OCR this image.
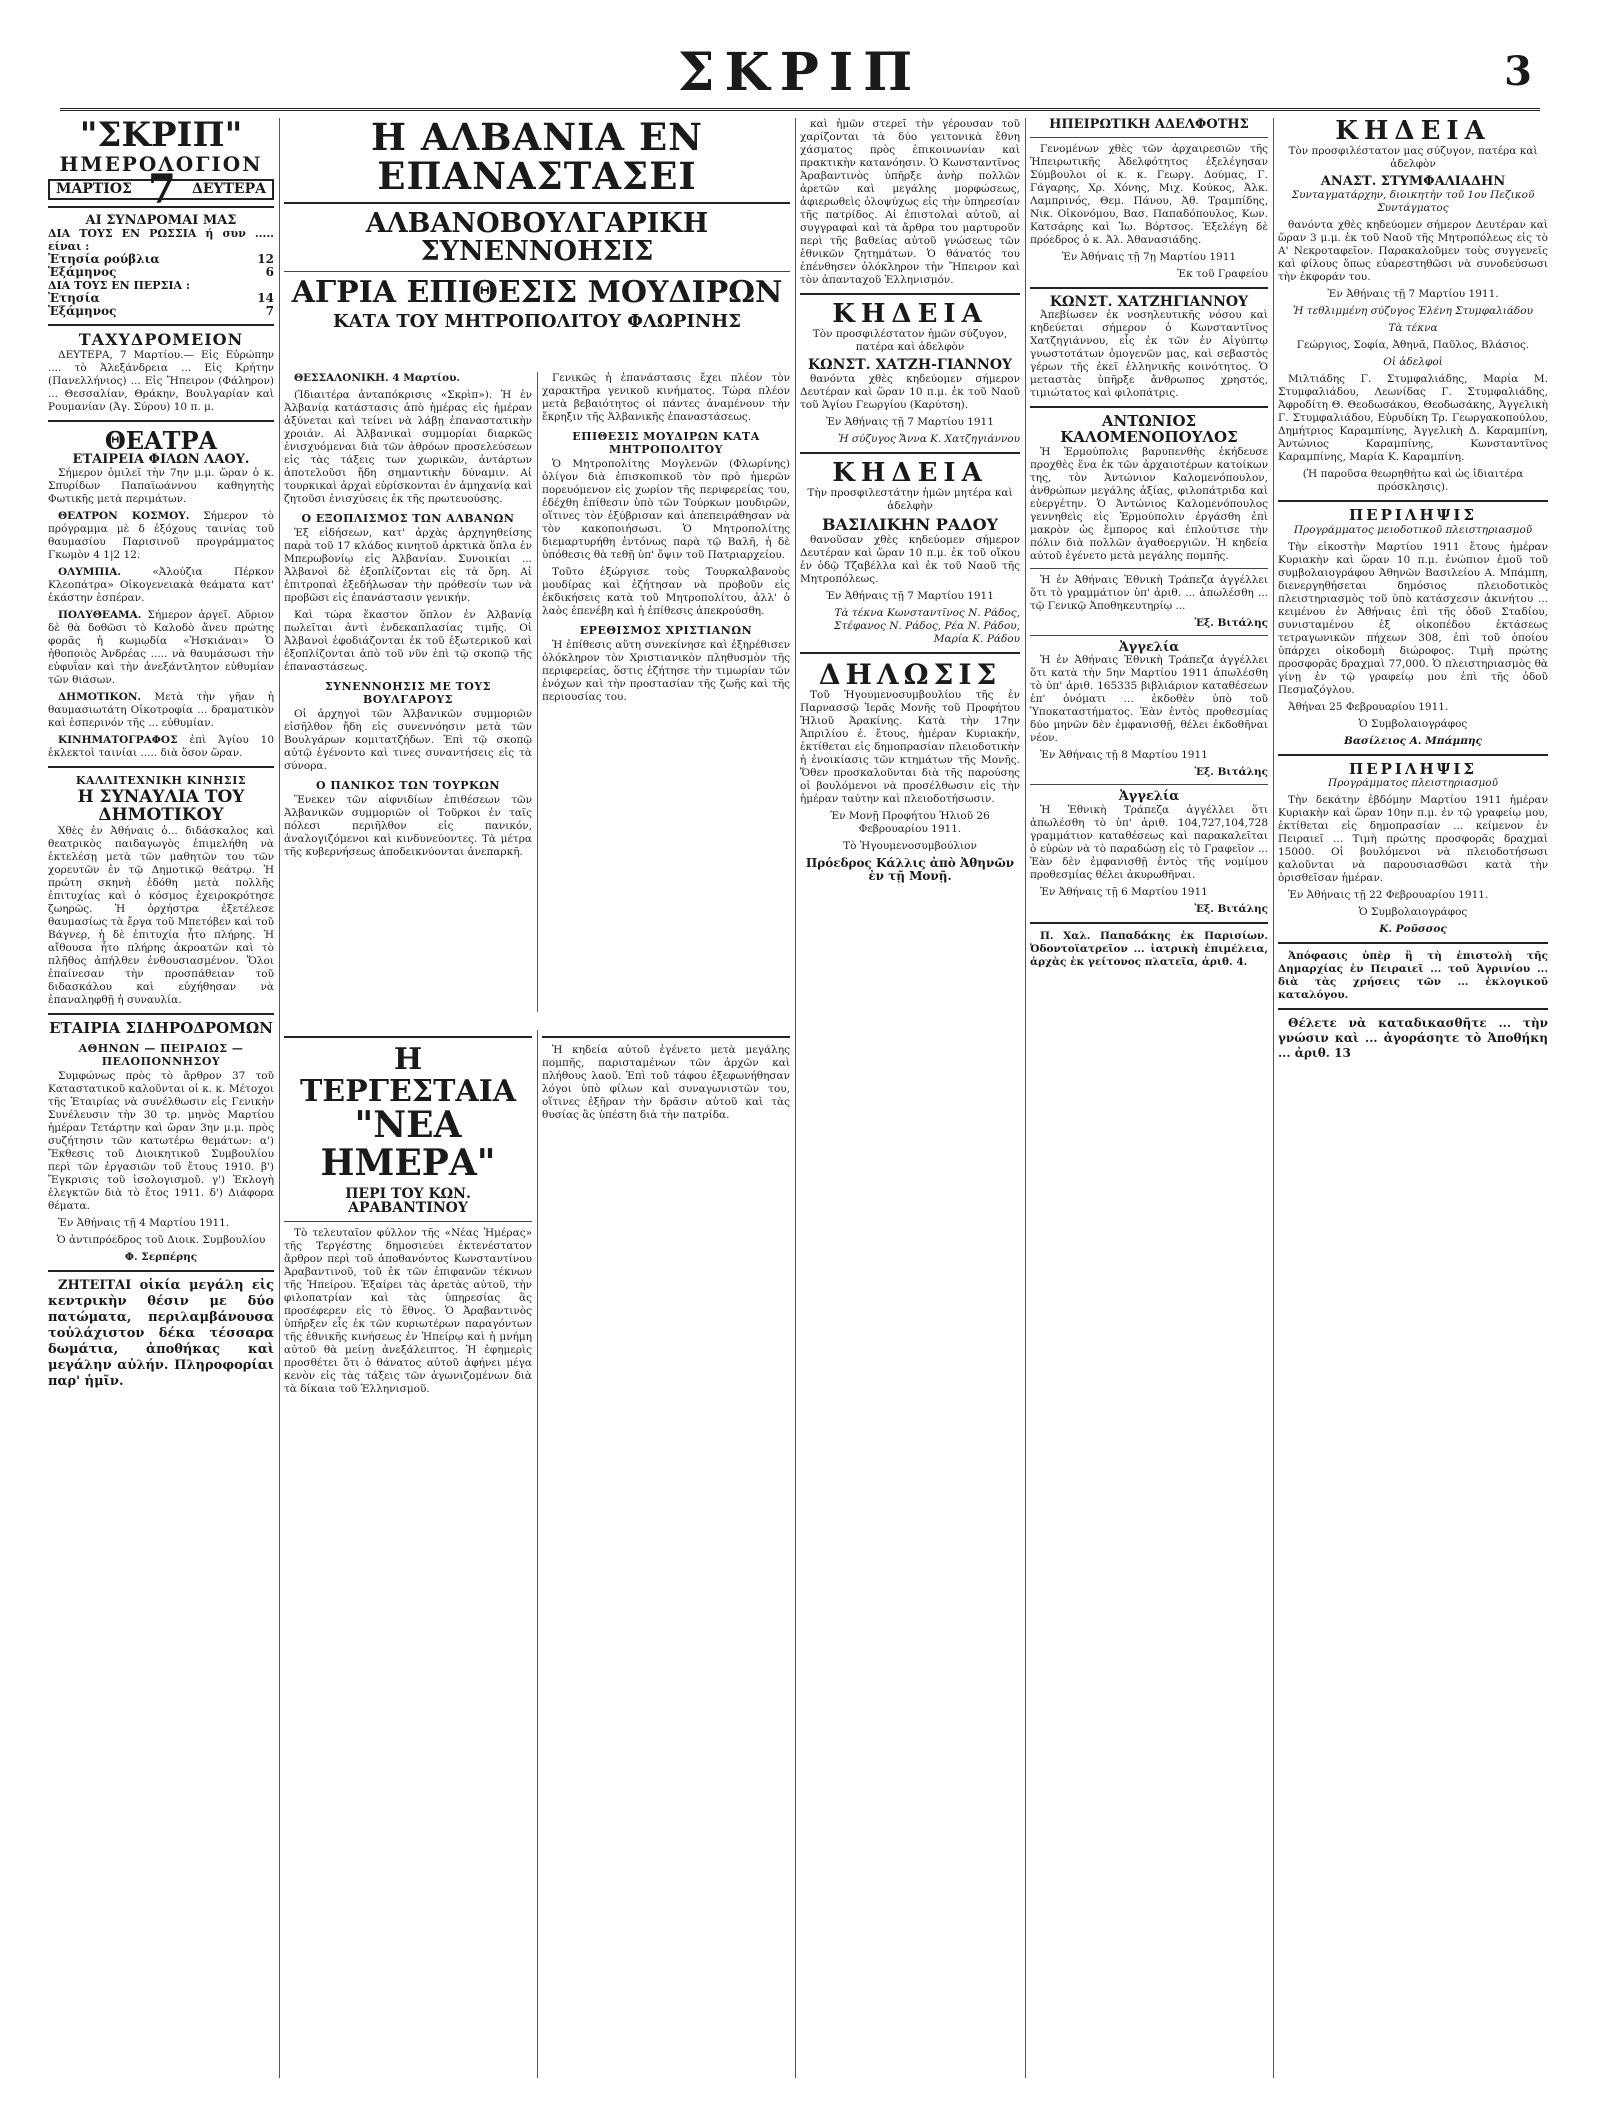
ΣΚΡΙΠ	3
"ΣΚΡΙΠ"
ΗΜΕΡΟΛΟΓΙΟΝ
ΜΑΡΤΙΟΣ 7 ΔΕΥΤΕΡΑ
ΑΙ ΣΥΝΔΡΟΜΑΙ ΜΑΣ
ΔΙΑ ΤΟΥΣ ΕΝ ΡΩΣΣΙΑ ή συν ..... είναι :
Ἐτησία ρούβλια	12
Ἑξάμηνος	6
ΔΙΑ ΤΟΥΣ ΕΝ ΠΕΡΣΙΑ :
Ἐτησία	14
Ἑξάμηνος	7
ΤΑΧΥΔΡΟΜΕΙΟΝ

ΔΕΥΤΕΡΑ, 7 Μαρτίου.— Εἰς Εὐρώπην .... τὸ Ἀλεξάνδρεια ... Εἰς Κρήτην (Πανελλήνιος) ... Εἰς Ἤπειρον (Φάληρον) ... Θεσσαλίαν, Θράκην, Βουλγαρίαν καὶ Ρουμανίαν (Ἀγ. Σύρου) 10 π. μ.

ΘΕΑΤΡΑ
ΕΤΑΙΡΕΙΑ ΦΙΛΩΝ ΛΑΟΥ.

Σήμερον ὁμιλεῖ τὴν 7ην μ.μ. ὥραν ὁ κ. Σπυρίδων Παπαϊωάννου καθηγητὴς Φωτικῆς μετὰ περιμάτων.

ΘΕΑΤΡΟΝ ΚΟΣΜΟΥ. Σήμερον τὸ πρόγραμμα μὲ δ ἐξόχους ταινίας τοῦ θαυμασίου Παρισινοῦ προγράμματος Γκωμὸν 4 1|2 12.

ΟΛΥΜΠΙΑ.	«Ἀλούζια Πέρκον Κλεοπάτρα» Οἰκογενειακὰ θεάματα κατ' ἐκάστην ἑσπέραν.

ΠΟΛΥΘΕΑΜΑ. Σήμερον ἀργεῖ. Αὔριον δὲ θὰ δοθῶσι τὸ Καλοδὸ ἄνευ πρώτης φορᾶς ἡ κωμῳδία «Ἠσκιάναι» Ὁ ἠθοποιὸς Ἀνδρέας ..... νὰ θαυμάσωσι τὴν εὐφυΐαν καὶ τὴν ἀνεξάντλητον εὐθυμίαν τῶν θιάσων.

ΔΗΜΟΤΙΚΟΝ. Μετὰ τὴν γῆαν ἡ θαυμασιωτάτη Οἰκοτροφία ... δραματικὸν καὶ ἑσπερινόν τῆς ... εὐθυμίαν.

ΚΙΝΗΜΑΤΟΓΡΑΦΟΣ ἐπὶ Ἀγίου 10 ἐκλεκτοὶ ταινίαι ..... διὰ ὅσον ὥραν.

ΚΑΛΛΙΤΕΧΝΙΚΗ ΚΙΝΗΣΙΣ
Η ΣΥΝΑΥΛΙΑ ΤΟΥ ΔΗΜΟΤΙΚΟΥ

Χθὲς ἐν Ἀθήναις ὁ... διδάσκαλος καὶ θεατρικὸς παιδαγωγὸς ἐπιμελήθη νὰ ἐκτελέσῃ μετὰ τῶν μαθητῶν του τῶν χορευτῶν ἐν τῷ Δημοτικῷ θεάτρῳ. Ἡ πρώτη σκηνὴ ἐδόθη μετὰ πολλῆς ἐπιτυχίας καὶ ὁ κόσμος ἐχειροκρότησε ζωηρῶς. Ἡ ὀρχήστρα ἐξετέλεσε θαυμασίως τὰ ἔργα τοῦ Μπετόβεν καὶ τοῦ Βάγνερ, ἡ δὲ ἐπιτυχία ἦτο πλήρης. Ἡ αἴθουσα ἦτο πλήρης ἀκροατῶν καὶ τὸ πλῆθος ἀπήλθεν ἐνθουσιασμένον. Ὅλοι ἐπαίνεσαν τὴν προσπάθειαν τοῦ διδασκάλου καὶ εὐχήθησαν νὰ ἐπαναληφθῇ ἡ συναυλία.

ΕΤΑΙΡΙΑ ΣΙΔΗΡΟΔΡΟΜΩΝ
ΑΘΗΝΩΝ — ΠΕΙΡΑΙΩΣ — ΠΕΛΟΠΟΝΝΗΣΟΥ

Συμφώνως πρὸς τὸ ἄρθρον 37 τοῦ Καταστατικοῦ καλοῦνται οἱ κ. κ. Μέτοχοι τῆς Ἑταιρίας νὰ συνέλθωσιν εἰς Γενικὴν Συνέλευσιν τὴν 30 τρ. μηνὸς Μαρτίου ἡμέραν Τετάρτην καὶ ὥραν 3ην μ.μ. πρὸς συζήτησιν τῶν κατωτέρω θεμάτων: α') Ἔκθεσις τοῦ Διοικητικοῦ Συμβουλίου περὶ τῶν ἐργασιῶν τοῦ ἔτους 1910. β') Ἔγκρισις τοῦ ἰσολογισμοῦ. γ') Ἐκλογὴ ἐλεγκτῶν διὰ τὸ ἔτος 1911. δ') Διάφορα θέματα.

Ἐν Ἀθήναις τῇ 4 Μαρτίου 1911.

Ὁ ἀντιπρόεδρος τοῦ Διοικ. Συμβουλίου

Φ. Σερπέρης

ΖΗΤΕΙΤΑΙ οἰκία μεγάλη εἰς κεντρικὴν θέσιν με δύο πατώματα, περιλαμβάνουσα τοὐλάχιστον δέκα τέσσαρα δωμάτια, ἀποθήκας καὶ μεγάλην αὐλήν. Πληροφορίαι παρ' ἡμῖν.

Η ΑΛΒΑΝΙΑ ΕΝ ΕΠΑΝΑΣΤΑΣΕΙ
ΑΛΒΑΝΟΒΟΥΛΓΑΡΙΚΗ ΣΥΝΕΝΝΟΗΣΙΣ
ΑΓΡΙΑ ΕΠΙΘΕΣΙΣ ΜΟΥΔΙΡΩΝ
ΚΑΤΑ ΤΟΥ ΜΗΤΡΟΠΟΛΙΤΟΥ ΦΛΩΡΙΝΗΣ

ΘΕΣΣΑΛΟΝΙΚΗ. 4 Μαρτίου.

(Ἰδιαιτέρα ἀνταπόκρισις «Σκρὶπ»). Ἡ ἐν Ἀλβανίᾳ κατάστασις ἀπὸ ἡμέρας εἰς ἡμέραν ἀξύνεται καὶ τείνει νὰ λάβῃ ἐπαναστατικὴν χροιάν. Αἱ Ἀλβανικαὶ συμμορίαι διαρκῶς ἐνισχυόμεναι διὰ τῶν ἀθρόων προσελεύσεων εἰς τὰς τάξεις των χωρικῶν, ἀντάρτων ἀποτελοῦσι ἤδη σημαντικὴν δύναμιν. Αἱ τουρκικαὶ ἀρχαὶ εὑρίσκονται ἐν ἀμηχανίᾳ καὶ ζητοῦσι ἐνισχύσεις ἐκ τῆς πρωτευούσης.

Ο ΕΞΟΠΛΙΣΜΟΣ ΤΩΝ ΑΛΒΑΝΩΝ

Ἐξ εἰδήσεων, κατ' ἀρχὰς ἀρχηγηθείσης παρὰ τοῦ 17 κλάδος κινητοῦ ἀρκτικὰ ὅπλα ἐν Μπερωβονίῳ εἰς Ἀλβανίαν. Συνοικίαι ... Ἀλβανοὶ δὲ ἐξοπλίζονται εἰς τὰ ὄρη. Αἱ ἐπιτροπαὶ ἐξεδήλωσαν τὴν πρόθεσίν των νὰ προβῶσι εἰς ἐπανάστασιν γενικήν.

Καὶ τώρα ἕκαστον ὅπλον ἐν Ἀλβανίᾳ πωλεῖται ἀντὶ ἐνδεκαπλασίας τιμῆς. Οἱ Ἀλβανοὶ ἐφοδιάζονται ἐκ τοῦ ἐξωτερικοῦ καὶ ἐξοπλίζονται ἀπὸ τοῦ νῦν ἐπὶ τῷ σκοπῷ τῆς ἐπαναστάσεως.

ΣΥΝΕΝΝΟΗΣΙΣ ΜΕ ΤΟΥΣ ΒΟΥΛΓΑΡΟΥΣ

Οἱ ἀρχηγοὶ τῶν Ἀλβανικῶν συμμοριῶν εἰσῆλθον ἤδη εἰς συνεννόησιν μετὰ τῶν Βουλγάρων κομιτατζήδων. Ἐπὶ τῷ σκοπῷ αὐτῷ ἐγένοντο καὶ τινες συναντήσεις εἰς τὰ σύνορα.

Ο ΠΑΝΙΚΟΣ ΤΩΝ ΤΟΥΡΚΩΝ

Ἕνεκεν τῶν αἰφνιδίων ἐπιθέσεων τῶν Ἀλβανικῶν συμμοριῶν οἱ Τοῦρκοι ἐν ταῖς πόλεσι περιῆλθον εἰς πανικόν, ἀναλογιζόμενοι καὶ κινδυνεύοντες. Τὰ μέτρα τῆς κυβερνήσεως ἀποδεικνύονται ἀνεπαρκῆ.

Γενικῶς ἡ ἐπανάστασις ἔχει πλέον τὸν χαρακτῆρα γενικοῦ κινήματος. Τώρα πλέον μετὰ βεβαιότητος οἱ πάντες ἀναμένουν τὴν ἔκρηξιν τῆς Ἀλβανικῆς ἐπαναστάσεως.

ΕΠΙΘΕΣΙΣ ΜΟΥΔΙΡΩΝ ΚΑΤΑ ΜΗΤΡΟΠΟΛΙΤΟΥ

Ὁ Μητροπολίτης Μογλενῶν (Φλωρίνης) ὀλίγον διὰ ἐπισκοπικοῦ τὸν πρὸ ἡμερῶν πορευόμενον εἰς χωρίον τῆς περιφερείας του, ἐδέχθη ἐπίθεσιν ὑπὸ τῶν Τούρκων μουδιρῶν, οἵτινες τὸν ἐξύβρισαν καὶ ἀπεπειράθησαν νὰ τὸν κακοποιήσωσι. Ὁ Μητροπολίτης διεμαρτυρήθη ἐντόνως παρὰ τῷ Βαλῆ, ἡ δὲ ὑπόθεσις θὰ τεθῇ ὑπ' ὄψιν τοῦ Πατριαρχείου.

Τοῦτο ἐξώργισε τοὺς Τουρκαλβανοὺς μουδίρας καὶ ἐζήτησαν νὰ προβοῦν εἰς ἐκδικήσεις κατὰ τοῦ Μητροπολίτου, ἀλλ' ὁ λαὸς ἐπενέβη καὶ ἡ ἐπίθεσις ἀπεκρούσθη.

ΕΡΕΘΙΣΜΟΣ ΧΡΙΣΤΙΑΝΩΝ

Ἡ ἐπίθεσις αὕτη συνεκίνησε καὶ ἐξηρέθισεν ὁλόκληρον τὸν Χριστιανικὸν πληθυσμὸν τῆς περιφερείας, ὅστις ἐζήτησε τὴν τιμωρίαν τῶν ἐνόχων καὶ τὴν προστασίαν τῆς ζωῆς καὶ τῆς περιουσίας του.

Η ΤΕΡΓΕΣΤΑΙΑ
"ΝΕΑ ΗΜΕΡΑ"
ΠΕΡΙ ΤΟΥ ΚΩΝ. ΑΡΑΒΑΝΤΙΝΟΥ

Τὸ τελευταῖον φύλλον τῆς «Νέας Ἡμέρας» τῆς Τεργέστης δημοσιεύει ἐκτενέστατον ἄρθρον περὶ τοῦ ἀποθανόντος Κωνσταντίνου Ἀραβαντινοῦ, τοῦ ἐκ τῶν ἐπιφανῶν τέκνων τῆς Ἠπείρου. Ἐξαίρει τὰς ἀρετὰς αὐτοῦ, τὴν φιλοπατρίαν καὶ τὰς ὑπηρεσίας ἃς προσέφερεν εἰς τὸ ἔθνος. Ὁ Ἀραβαντινὸς ὑπῆρξεν εἷς ἐκ τῶν κυριωτέρων παραγόντων τῆς ἐθνικῆς κινήσεως ἐν Ἠπείρῳ καὶ ἡ μνήμη αὐτοῦ θὰ μείνῃ ἀνεξάλειπτος. Ἡ ἐφημερὶς προσθέτει ὅτι ὁ θάνατος αὐτοῦ ἀφήνει μέγα κενὸν εἰς τὰς τάξεις τῶν ἀγωνιζομένων διὰ τὰ δίκαια τοῦ Ἑλληνισμοῦ.

Ἡ κηδεία αὐτοῦ ἐγένετο μετὰ μεγάλης πομπῆς, παρισταμένων τῶν ἀρχῶν καὶ πλήθους λαοῦ. Ἐπὶ τοῦ τάφου ἐξεφωνήθησαν λόγοι ὑπὸ φίλων καὶ συναγωνιστῶν του, οἵτινες ἐξῆραν τὴν δρᾶσιν αὐτοῦ καὶ τὰς θυσίας ἃς ὑπέστη διὰ τὴν πατρίδα.

καὶ ἡμῶν στερεῖ τὴν γέρουσαν τοῦ χαρίζονται τὰ δύο γειτονικὰ ἔθνη χάσματος πρὸς ἐπικοινωνίαν καὶ πρακτικὴν κατανόησιν. Ὁ Κωνσταντῖνος Ἀραβαντινὸς ὑπῆρξε ἀνὴρ πολλῶν ἀρετῶν καὶ μεγάλης μορφώσεως, ἀφιερωθεὶς ὁλοψύχως εἰς τὴν ὑπηρεσίαν τῆς πατρίδος. Αἱ ἐπιστολαὶ αὐτοῦ, αἱ συγγραφαὶ καὶ τὰ ἄρθρα του μαρτυροῦν περὶ τῆς βαθείας αὐτοῦ γνώσεως τῶν ἐθνικῶν ζητημάτων. Ὁ θάνατός του ἐπένθησεν ὁλόκληρον τὴν Ἤπειρον καὶ τὸν ἀπανταχοῦ Ἑλληνισμόν.

ΚΗΔΕΙΑ

Τὸν προσφιλέστατον ἡμῶν σύζυγον, πατέρα καὶ ἀδελφὸν

ΚΩΝΣΤ. ΧΑΤΖΗ-ΓΙΑΝΝΟΥ

θανόντα χθὲς κηδεύομεν σήμερον Δευτέραν καὶ ὥραν 10 π.μ. ἐκ τοῦ Ναοῦ τοῦ Ἁγίου Γεωργίου (Καρύτση).

Ἐν Ἀθήναις τῇ 7 Μαρτίου 1911

Ἡ σύζυγος Ἄννα Κ. Χατζηγιάννου

ΚΗΔΕΙΑ

Τὴν προσφιλεστάτην ἡμῶν μητέρα καὶ ἀδελφὴν

ΒΑΣΙΛΙΚΗΝ ΡΑΔΟΥ

θανοῦσαν χθὲς κηδεύομεν σήμερον Δευτέραν καὶ ὥραν 10 π.μ. ἐκ τοῦ οἴκου ἐν ὁδῷ Τζαβέλλα καὶ ἐκ τοῦ Ναοῦ τῆς Μητροπόλεως.

Ἐν Ἀθήναις τῇ 7 Μαρτίου 1911

Τὰ τέκνα Κωνσταντῖνος Ν. Ράδος, Στέφανος Ν. Ράδος, Ρέα Ν. Ράδου, Μαρία Κ. Ράδου

ΔΗΛΩΣΙΣ

Τοῦ Ἡγουμενοσυμβουλίου τῆς ἐν Παρνασσῷ Ἱερᾶς Μονῆς τοῦ Προφήτου Ἠλιοῦ Ἀρακίνης. Κατὰ τὴν 17ην Ἀπριλίου ἐ. ἔτους, ἡμέραν Κυριακήν, ἐκτίθεται εἰς δημοπρασίαν πλειοδοτικὴν ἡ ἐνοικίασις τῶν κτημάτων τῆς Μονῆς. Ὅθεν προσκαλοῦνται διὰ τῆς παρούσης οἱ βουλόμενοι νὰ προσέλθωσιν εἰς τὴν ἡμέραν ταύτην καὶ πλειοδοτήσωσιν.

Ἐν Μονῇ Προφήτου Ἠλιοῦ 26 Φεβρουαρίου 1911.

Τὸ Ἡγουμενοσυμβούλιον

Πρόεδρος Κάλλις ἀπὸ Ἀθηνῶν ἐν τῇ Μονῇ.

ΗΠΕΙΡΩΤΙΚΗ ΑΔΕΛΦΟΤΗΣ

Γενομένων χθὲς τῶν ἀρχαιρεσιῶν τῆς Ἠπειρωτικῆς Ἀδελφότητος ἐξελέγησαν Σύμβουλοι οἱ κ. κ. Γεωργ. Δούμας, Γ. Γάγαρης, Χρ. Χόνης, Μιχ. Κούκος, Ἀλκ. Λαμπρινός, Θεμ. Πάνου, Ἀθ. Τραμπίδης, Νικ. Οἰκονόμου, Βασ. Παπαδόπουλος, Κων. Κατσάρης καὶ Ἰω. Βόρτσος. Ἐξελέγη δὲ πρόεδρος ὁ κ. Ἀλ. Ἀθανασιάδης.

Ἐν Ἀθήναις τῇ 7ῃ Μαρτίου 1911

Ἐκ τοῦ Γραφείου

ΚΩΝΣΤ. ΧΑΤΖΗΓΙΑΝΝΟΥ

Ἀπεβίωσεν ἐκ νοσηλευτικῆς νόσου καὶ κηδεύεται σήμερον ὁ Κωνσταντῖνος Χατζηγιάννου, εἷς ἐκ τῶν ἐν Αἰγύπτῳ γνωστοτάτων ὁμογενῶν μας, καὶ σεβαστὸς γέρων τῆς ἐκεῖ ἑλληνικῆς κοινότητος. Ὁ μεταστὰς ὑπῆρξε ἄνθρωπος χρηστός, τιμιώτατος καὶ φιλοπάτρις.

ΑΝΤΩΝΙΟΣ ΚΑΛΟΜΕΝΟΠΟΥΛΟΣ

Ἡ Ἑρμούπολις βαρυπενθὴς ἐκήδευσε προχθὲς ἕνα ἐκ τῶν ἀρχαιοτέρων κατοίκων της, τὸν Ἀντώνιον Καλομενόπουλον, ἀνθρώπων μεγάλης ἀξίας, φιλοπάτριδα καὶ εὐεργέτην. Ὁ Ἀντώνιος Καλομενόπουλος γεννηθεὶς εἰς Ἑρμούπολιν ἐργάσθη ἐπὶ μακρὸν ὡς ἔμπορος καὶ ἐπλούτισε τὴν πόλιν διὰ πολλῶν ἀγαθοεργιῶν. Ἡ κηδεία αὐτοῦ ἐγένετο μετὰ μεγάλης πομπῆς.

Ἡ ἐν Ἀθήναις Ἐθνικὴ Τράπεζα ἀγγέλλει ὅτι τὸ γραμμάτιον ὑπ' ἀριθ. ... ἀπωλέσθη ... τῷ Γενικῷ Ἀποθηκευτηρίῳ ...

Ἐξ. Βιτάλης

Ἀγγελία

Ἡ ἐν Ἀθήναις Ἐθνικὴ Τράπεζα ἀγγέλλει ὅτι κατὰ τὴν 5ην Μαρτίου 1911 ἀπωλέσθη τὸ ὑπ' ἀριθ. 165335 βιβλιάριον καταθέσεων ἐπ' ὀνόματι ... ἐκδοθὲν ὑπὸ τοῦ Ὑποκαταστήματος. Ἐὰν ἐντὸς προθεσμίας δύο μηνῶν δὲν ἐμφανισθῇ, θέλει ἐκδοθῆναι νέον.

Ἐν Ἀθήναις τῇ 8 Μαρτίου 1911

Ἐξ. Βιτάλης

Ἀγγελία

Ἡ Ἐθνικὴ Τράπεζα ἀγγέλλει ὅτι ἀπωλέσθη τὸ ὑπ' ἀριθ. 104,727,104,728 γραμμάτιον καταθέσεως καὶ παρακαλεῖται ὁ εὑρὼν νὰ τὸ παραδώσῃ εἰς τὸ Γραφεῖον ... Ἐὰν δὲν ἐμφανισθῇ ἐντὸς τῆς νομίμου προθεσμίας θέλει ἀκυρωθῆναι.

Ἐν Ἀθήναις τῇ 6 Μαρτίου 1911

Ἐξ. Βιτάλης

Π. Χαλ. Παπαδάκης ἐκ Παρισίων. Ὀδοντοϊατρεῖον ... ἰατρικὴ ἐπιμέλεια, ἀρχὰς ἐκ γείτονος πλατεῖα, ἀριθ. 4.

ΚΗΔΕΙΑ

Τὸν προσφιλέστατον μας σύζυγον, πατέρα καὶ ἀδελφὸν

ΑΝΑΣΤ. ΣΤΥΜΦΑΛΙΑΔΗΝ

Συνταγματάρχην, διοικητὴν τοῦ 1ου Πεζικοῦ Συντάγματος

θανόντα χθὲς κηδεύομεν σήμερον Δευτέραν καὶ ὥραν 3 μ.μ. ἐκ τοῦ Ναοῦ τῆς Μητροπόλεως εἰς τὸ Α' Νεκροταφεῖον. Παρακαλοῦμεν τοὺς συγγενεῖς καὶ φίλους ὅπως εὐαρεστηθῶσι νὰ συνοδεύσωσι τὴν ἐκφοράν του.

Ἐν Ἀθήναις τῇ 7 Μαρτίου 1911.

Ἡ τεθλιμμένη σύζυγος Ἑλένη Στυμφαλιάδου

Τὰ τέκνα

Γεώργιος, Σοφία, Ἀθηνᾶ, Παῦλος, Βλάσιος.

Οἱ ἀδελφοὶ

Μιλτιάδης Γ. Στυμφαλιάδης, Μαρία Μ. Στυμφαλιάδου, Λεωνίδας Γ. Στυμφαλιάδης, Ἀφροδίτη Θ. Θεοδωσάκου, Θεοδωσάκης, Ἀγγελικὴ Γ. Στυμφαλιάδου, Εὐρυδίκη Τρ. Γεωργακοπούλου, Δημήτριος Καραμπίνης, Ἀγγελικὴ Δ. Καραμπίνη, Ἀντώνιος Καραμπίνης, Κωνσταντῖνος Καραμπίνης, Μαρία Κ. Καραμπίνη.

(Ἡ παροῦσα θεωρηθήτω καὶ ὡς ἰδιαιτέρα πρόσκλησις).

ΠΕΡΙΛΗΨΙΣ

Προγράμματος μειοδοτικοῦ πλειστηριασμοῦ

Τὴν εἰκοστὴν Μαρτίου 1911 ἔτους ἡμέραν Κυριακὴν καὶ ὥραν 10 π.μ. ἐνώπιον ἐμοῦ τοῦ συμβολαιογράφου Ἀθηνῶν Βασιλείου Α. Μπάμπη, διενεργηθήσεται δημόσιος πλειοδοτικὸς πλειστηριασμὸς τοῦ ὑπὸ κατάσχεσιν ἀκινήτου ... κειμένου ἐν Ἀθήναις ἐπὶ τῆς ὁδοῦ Σταδίου, συνισταμένου ἐξ οἰκοπέδου ἐκτάσεως τετραγωνικῶν πήχεων 308, ἐπὶ τοῦ ὁποίου ὑπάρχει οἰκοδομὴ διώροφος. Τιμὴ πρώτης προσφορᾶς δραχμαὶ 77,000. Ὁ πλειστηριασμὸς θὰ γίνῃ ἐν τῷ γραφείῳ μου ἐπὶ τῆς ὁδοῦ Πεσμαζόγλου.

Ἀθήναι 25 Φεβρουαρίου 1911.

Ὁ Συμβολαιογράφος

Βασίλειος Α. Μπάμπης

ΠΕΡΙΛΗΨΙΣ

Προγράμματος πλειστηριασμοῦ

Τὴν δεκάτην ἐβδόμην Μαρτίου 1911 ἡμέραν Κυριακὴν καὶ ὥραν 10ην π.μ. ἐν τῷ γραφείῳ μου, ἐκτίθεται εἰς δημοπρασίαν ... κείμενον ἐν Πειραιεῖ ... Τιμὴ πρώτης προσφορᾶς δραχμαὶ 15000. Οἱ βουλόμενοι νὰ πλειοδοτήσωσι καλοῦνται νὰ παρουσιασθῶσι κατὰ τὴν ὁρισθεῖσαν ἡμέραν.

Ἐν Ἀθήναις τῇ 22 Φεβρουαρίου 1911.

Ὁ Συμβολαιογράφος

Κ. Ροῦσσος

Ἀπόφασις ὑπὲρ ἣ τὴ ἐπιστολὴ τῆς Δημαρχίας ἐν Πειραιεῖ ... τοῦ Ἀγρινίου ... διὰ τὰς χρήσεις τῶν ... ἐκλογικοῦ καταλόγου.

Θέλετε νὰ καταδικασθῆτε ... τὴν γνώσιν καὶ ... ἀγοράσητε τὸ Ἀποθήκη ... ἀριθ. 13
